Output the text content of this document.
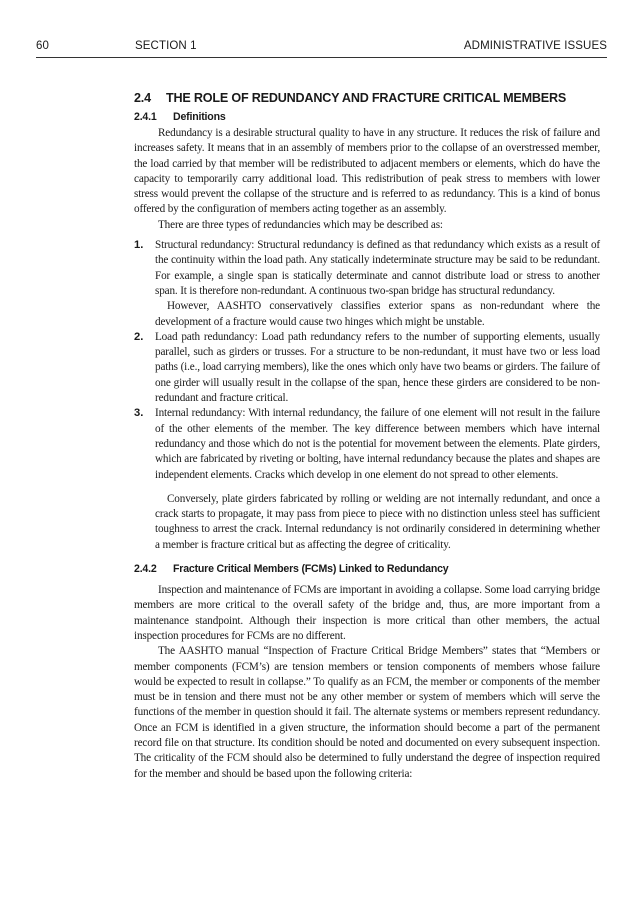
60	SECTION 1	ADMINISTRATIVE ISSUES
2.4 THE ROLE OF REDUNDANCY AND FRACTURE CRITICAL MEMBERS
2.4.1 Definitions

Redundancy is a desirable structural quality to have in any structure. It reduces the risk of failure and increases safety. It means that in an assembly of members prior to the collapse of an overstressed member, the load carried by that member will be redistributed to adjacent members or elements, which do have the capacity to temporarily carry additional load. This redistribution of peak stress to members with lower stress would prevent the collapse of the structure and is referred to as redundancy. This is a kind of bonus offered by the configuration of members acting together as an assembly.

There are three types of redundancies which may be described as:

1. Structural redundancy: Structural redundancy is defined as that redundancy which exists as a result of the continuity within the load path. Any statically indeterminate structure may be said to be redundant. For example, a single span is statically determinate and cannot distribute load or stress to another span. It is therefore non-redundant. A continuous two-span bridge has structural redundancy.

However, AASHTO conservatively classifies exterior spans as non-redundant where the development of a fracture would cause two hinges which might be unstable.

2. Load path redundancy: Load path redundancy refers to the number of supporting elements, usually parallel, such as girders or trusses. For a structure to be non-redundant, it must have two or less load paths (i.e., load carrying members), like the ones which only have two beams or girders. The failure of one girder will usually result in the collapse of the span, hence these girders are considered to be non-redundant and fracture critical.

3. Internal redundancy: With internal redundancy, the failure of one element will not result in the failure of the other elements of the member. The key difference between members which have internal redundancy and those which do not is the potential for movement between the elements. Plate girders, which are fabricated by riveting or bolting, have internal redundancy because the plates and shapes are independent elements. Cracks which develop in one element do not spread to other elements.

Conversely, plate girders fabricated by rolling or welding are not internally redundant, and once a crack starts to propagate, it may pass from piece to piece with no distinction unless steel has sufficient toughness to arrest the crack. Internal redundancy is not ordinarily considered in determining whether a member is fracture critical but as affecting the degree of criticality.

2.4.2 Fracture Critical Members (FCMs) Linked to Redundancy

Inspection and maintenance of FCMs are important in avoiding a collapse. Some load carrying bridge members are more critical to the overall safety of the bridge and, thus, are more important from a maintenance standpoint. Although their inspection is more critical than other members, the actual inspection procedures for FCMs are no different.

The AASHTO manual “Inspection of Fracture Critical Bridge Members” states that “Members or member components (FCM’s) are tension members or tension components of members whose failure would be expected to result in collapse.” To qualify as an FCM, the member or components of the member must be in tension and there must not be any other member or system of members which will serve the functions of the member in question should it fail. The alternate systems or members represent redundancy. Once an FCM is identified in a given structure, the information should become a part of the permanent record file on that structure. Its condition should be noted and documented on every subsequent inspection. The criticality of the FCM should also be determined to fully understand the degree of inspection required for the member and should be based upon the following criteria:
